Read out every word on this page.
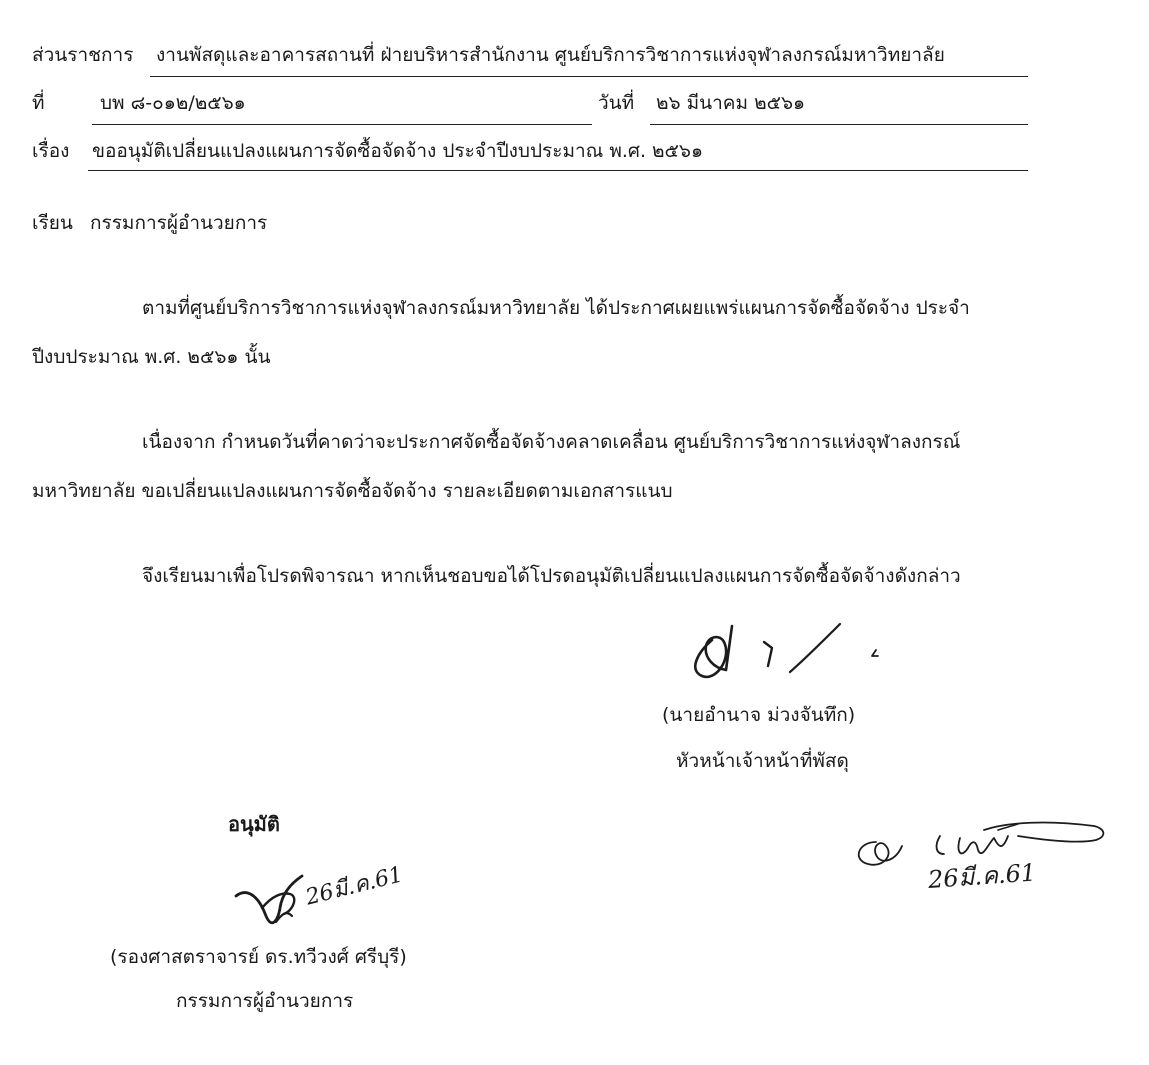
ส่วนราชการ งานพัสดุและอาคารสถานที่ ฝ่ายบริหารสำนักงาน ศูนย์บริการวิชาการแห่งจุฬาลงกรณ์มหาวิทยาลัย
ที่	บพ ๘-๐๑๒/๒๕๖๑	วันที่ ๒๖ มีนาคม ๒๕๖๑
เรื่อง ขออนุมัติเปลี่ยนแปลงแผนการจัดซื้อจัดจ้าง ประจำปีงบประมาณ พ.ศ. ๒๕๖๑
เรียน กรรมการผู้อำนวยการ
ตามที่ศูนย์บริการวิชาการแห่งจุฬาลงกรณ์มหาวิทยาลัย ได้ประกาศเผยแพร่แผนการจัดซื้อจัดจ้าง ประจำ
ปีงบประมาณ พ.ศ. ๒๕๖๑ นั้น
เนื่องจาก กำหนดวันที่คาดว่าจะประกาศจัดซื้อจัดจ้างคลาดเคลื่อน ศูนย์บริการวิชาการแห่งจุฬาลงกรณ์
มหาวิทยาลัย ขอเปลี่ยนแปลงแผนการจัดซื้อจัดจ้าง รายละเอียดตามเอกสารแนบ
จึงเรียนมาเพื่อโปรดพิจารณา หากเห็นชอบขอได้โปรดอนุมัติเปลี่ยนแปลงแผนการจัดซื้อจัดจ้างดังกล่าว
(นายอำนาจ ม่วงจันทึก)
หัวหน้าเจ้าหน้าที่พัสดุ
26มี.ค.61
อนุมัติ
26มี.ค.61
(รองศาสตราจารย์ ดร.ทวีวงศ์ ศรีบุรี)
กรรมการผู้อำนวยการ
